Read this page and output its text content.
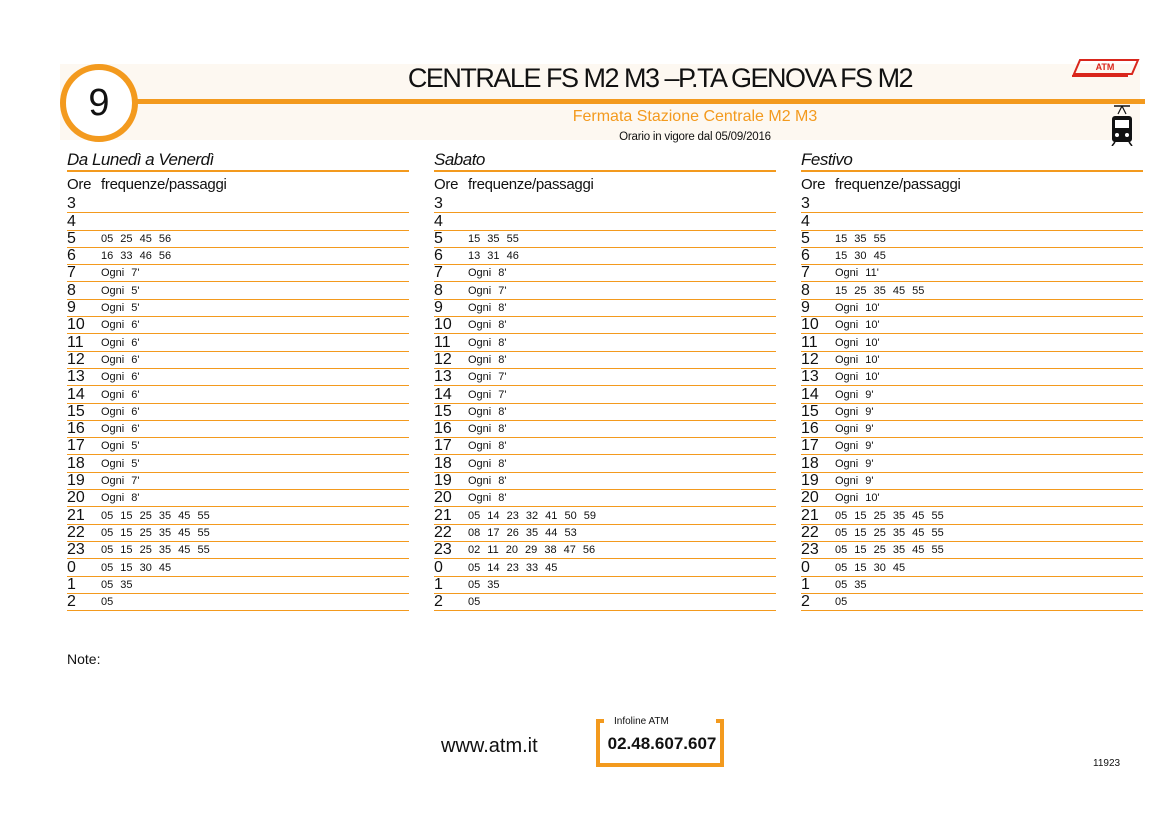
9
CENTRALE FS M2 M3 –P.TA GENOVA FS M2
Fermata Stazione Centrale M2 M3
Orario in vigore dal 05/09/2016
ATM
Da Lunedì a Venerdì
Ore frequenze/passaggi
3
4
5	05 25 45 56
6	16 33 46 56
7	Ogni 7'
8	Ogni 5'
9	Ogni 5'
10	Ogni 6'
11	Ogni 6'
12	Ogni 6'
13	Ogni 6'
14	Ogni 6'
15	Ogni 6'
16	Ogni 6'
17	Ogni 5'
18	Ogni 5'
19	Ogni 7'
20	Ogni 8'
21	05 15 25 35 45 55
22	05 15 25 35 45 55
23	05 15 25 35 45 55
0	05 15 30 45
1	05 35
2	05
Sabato
Ore frequenze/passaggi
3
4
5	15 35 55
6	13 31 46
7	Ogni 8'
8	Ogni 7'
9	Ogni 8'
10	Ogni 8'
11	Ogni 8'
12	Ogni 8'
13	Ogni 7'
14	Ogni 7'
15	Ogni 8'
16	Ogni 8'
17	Ogni 8'
18	Ogni 8'
19	Ogni 8'
20	Ogni 8'
21	05 14 23 32 41 50 59
22	08 17 26 35 44 53
23	02 11 20 29 38 47 56
0	05 14 23 33 45
1	05 35
2	05
Festivo
Ore frequenze/passaggi
3
4
5	15 35 55
6	15 30 45
7	Ogni 11'
8	15 25 35 45 55
9	Ogni 10'
10	Ogni 10'
11	Ogni 10'
12	Ogni 10'
13	Ogni 10'
14	Ogni 9'
15	Ogni 9'
16	Ogni 9'
17	Ogni 9'
18	Ogni 9'
19	Ogni 9'
20	Ogni 10'
21	05 15 25 35 45 55
22	05 15 25 35 45 55
23	05 15 25 35 45 55
0	05 15 30 45
1	05 35
2	05
Note:
www.atm.it
Infoline ATM
02.48.607.607
11923
